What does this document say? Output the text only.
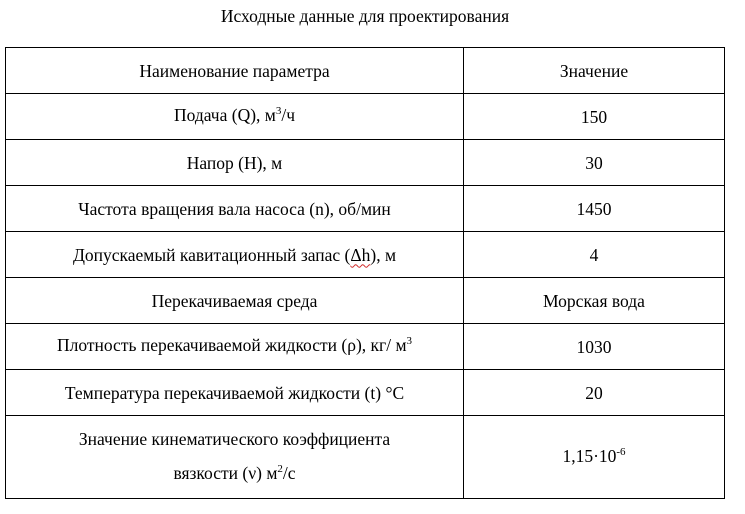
Исходные данные для проектирования
Наименование параметра	Значение
Подача (Q), $м^3/ч$	150
Напор (H), м	30
Частота вращения вала насоса (n), об/мин	1450
Допускаемый кавитационный запас (Δh), м	4
Перекачиваемая среда	Морская вода
Плотность перекачиваемой жидкости (ρ), кг/ $м^3$	1030
Температура перекачиваемой жидкости (t) °C	20
Значение кинематического коэффициента
вязкости (ν) $м^2/с$	$1,15\cdot 10^{-6}$
